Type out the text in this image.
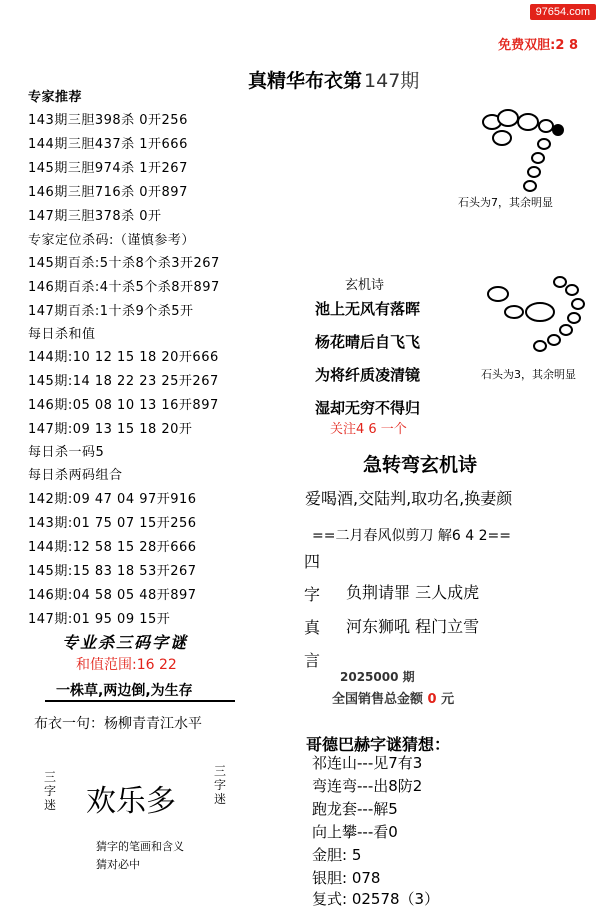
97654.com
免费双胆:2 8
真精华布衣第 147期
专家推荐
143期三胆398杀 0开256
144期三胆437杀 1开666
145期三胆974杀 1开267
146期三胆716杀 0开897
147期三胆378杀 0开
专家定位杀码:（谨慎参考）
145期百杀:5十杀8个杀3开267
146期百杀:4十杀5个杀8开897
147期百杀:1十杀9个杀5开
每日杀和值
144期:10 12 15 18 20开666
145期:14 18 22 23 25开267
146期:05 08 10 13 16开897
147期:09 13 15 18 20开
每日杀一码5
每日杀两码组合
142期:09 47 04 97开916
143期:01 75 07 15开256
144期:12 58 15 28开666
145期:15 83 18 53开267
146期:04 58 05 48开897
147期:01 95 09 15开
专业杀三码字谜
和值范围:16 22
一株草,两边倒,为生存
布衣一句：杨柳青青江水平
三
字
迷 欢乐多
三
字
迷
猜字的笔画和含义
猜对必中
石头为7，其余明显
石头为3，其余明显
玄机诗
池上无风有落晖
杨花晴后自飞飞
为将纤质凌清镜
湿却无穷不得归
关注4 6 一个
急转弯玄机诗
爱喝酒,交陆判,取功名,换妻颜
==二月春风似剪刀 解6 4 2==
四
字
真
言
负荆请罪 三人成虎
河东狮吼 程门立雪
2025000 期
全国销售总金额 0 元
哥德巴赫字谜猜想：
祁连山---见7有3
弯连弯---出8防2
跑龙套---解5
向上攀---看0
金胆: 5
银胆: 078
复式: 02578（3）
